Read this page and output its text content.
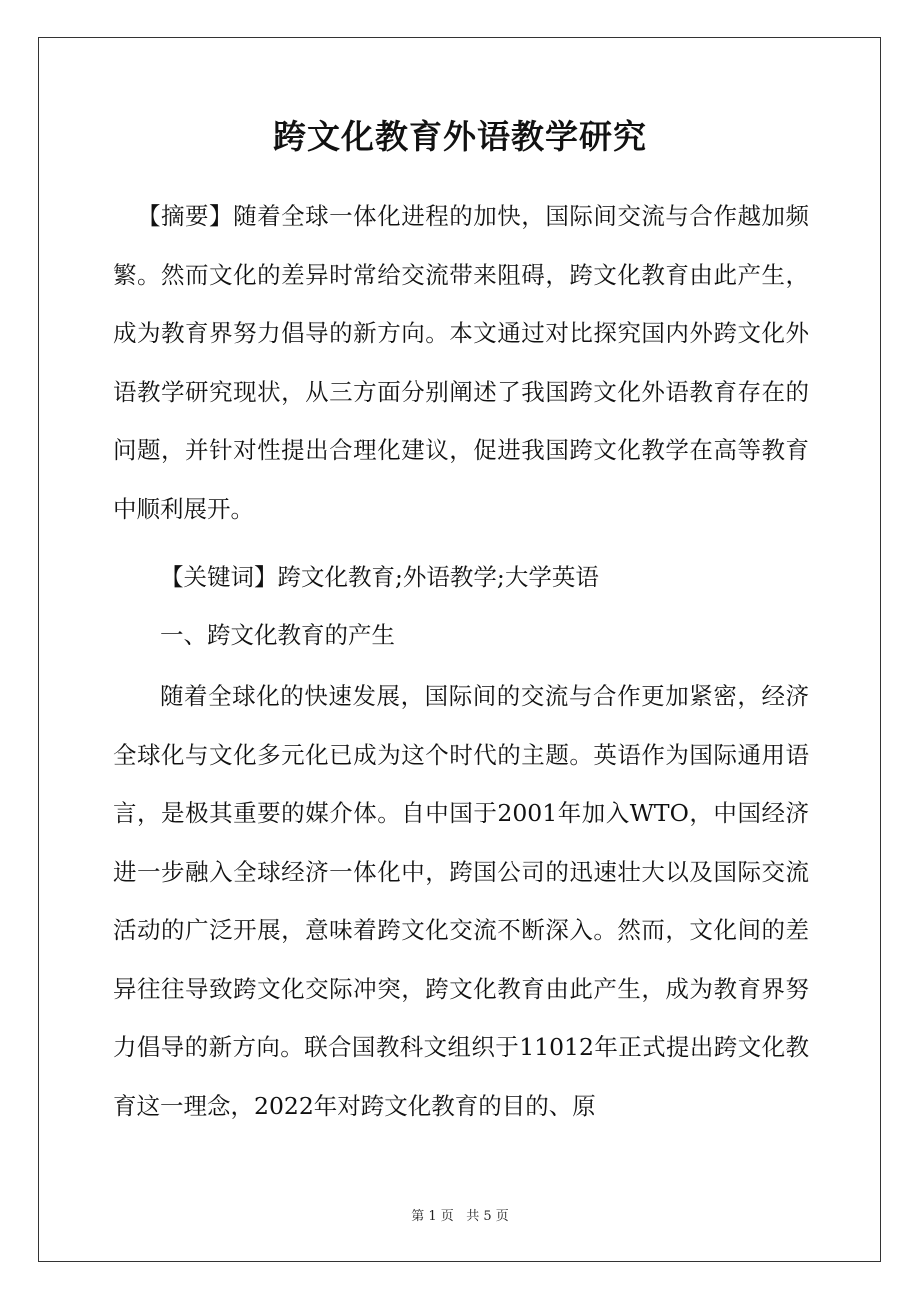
跨文化教育外语教学研究

【摘要】随着全球一体化进程的加快，国际间交流与合作越加频繁。然而文化的差异时常给交流带来阻碍，跨文化教育由此产生，成为教育界努力倡导的新方向。本文通过对比探究国内外跨文化外语教学研究现状，从三方面分别阐述了我国跨文化外语教育存在的问题，并针对性提出合理化建议，促进我国跨文化教学在高等教育中顺利展开。

【关键词】跨文化教育;外语教学;大学英语

一、跨文化教育的产生

随着全球化的快速发展，国际间的交流与合作更加紧密，经济全球化与文化多元化已成为这个时代的主题。英语作为国际通用语言，是极其重要的媒介体。自中国于2001年加入WTO，中国经济进一步融入全球经济一体化中，跨国公司的迅速壮大以及国际交流活动的广泛开展，意味着跨文化交流不断深入。然而，文化间的差异往往导致跨文化交际冲突，跨文化教育由此产生，成为教育界努力倡导的新方向。联合国教科文组织于11012年正式提出跨文化教育这一理念，2022年对跨文化教育的目的、原

第 1 页 共 5 页
